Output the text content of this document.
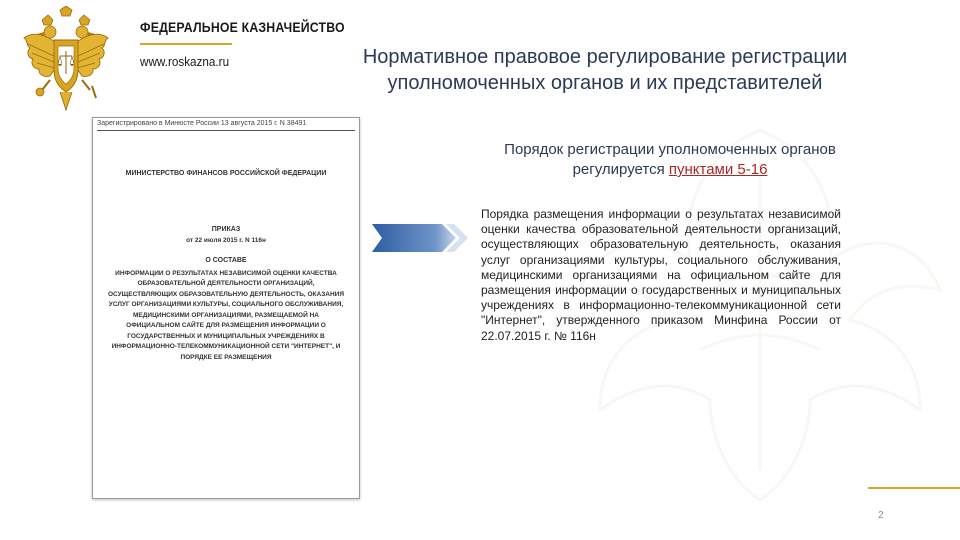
ФЕДЕРАЛЬНОЕ КАЗНАЧЕЙСТВО
www.roskazna.ru	Нормативное правовое регулирование регистрации уполномоченных органов и их представителей
Зарегистрировано в Минюсте России 13 августа 2015 г. N 38491
МИНИСТЕРСТВО ФИНАНСОВ РОССИЙСКОЙ ФЕДЕРАЦИИ
ПРИКАЗ
от 22 июля 2015 г. N 116н
О СОСТАВЕ
ИНФОРМАЦИИ О РЕЗУЛЬТАТАХ НЕЗАВИСИМОЙ ОЦЕНКИ КАЧЕСТВА ОБРАЗОВАТЕЛЬНОЙ ДЕЯТЕЛЬНОСТИ ОРГАНИЗАЦИЙ, ОСУЩЕСТВЛЯЮЩИХ ОБРАЗОВАТЕЛЬНУЮ ДЕЯТЕЛЬНОСТЬ, ОКАЗАНИЯ УСЛУГ ОРГАНИЗАЦИЯМИ КУЛЬТУРЫ, СОЦИАЛЬНОГО ОБСЛУЖИВАНИЯ, МЕДИЦИНСКИМИ ОРГАНИЗАЦИЯМИ, РАЗМЕЩАЕМОЙ НА ОФИЦИАЛЬНОМ САЙТЕ ДЛЯ РАЗМЕЩЕНИЯ ИНФОРМАЦИИ О ГОСУДАРСТВЕННЫХ И МУНИЦИПАЛЬНЫХ УЧРЕЖДЕНИЯХ В ИНФОРМАЦИОННО-ТЕЛЕКОММУНИКАЦИОННОЙ СЕТИ "ИНТЕРНЕТ", И ПОРЯДКЕ ЕЕ РАЗМЕЩЕНИЯ
Порядок регистрации уполномоченных органов регулируется пунктами 5-16
Порядка размещения информации о результатах независимой оценки качества образовательной деятельности организаций, осуществляющих образовательную деятельность, оказания услуг организациями культуры, социального обслуживания, медицинскими организациями на официальном сайте для размещения информации о государственных и муниципальных учреждениях в информационно-телекоммуникационной сети "Интернет", утвержденного приказом Минфина России от 22.07.2015 г. № 116н
2
